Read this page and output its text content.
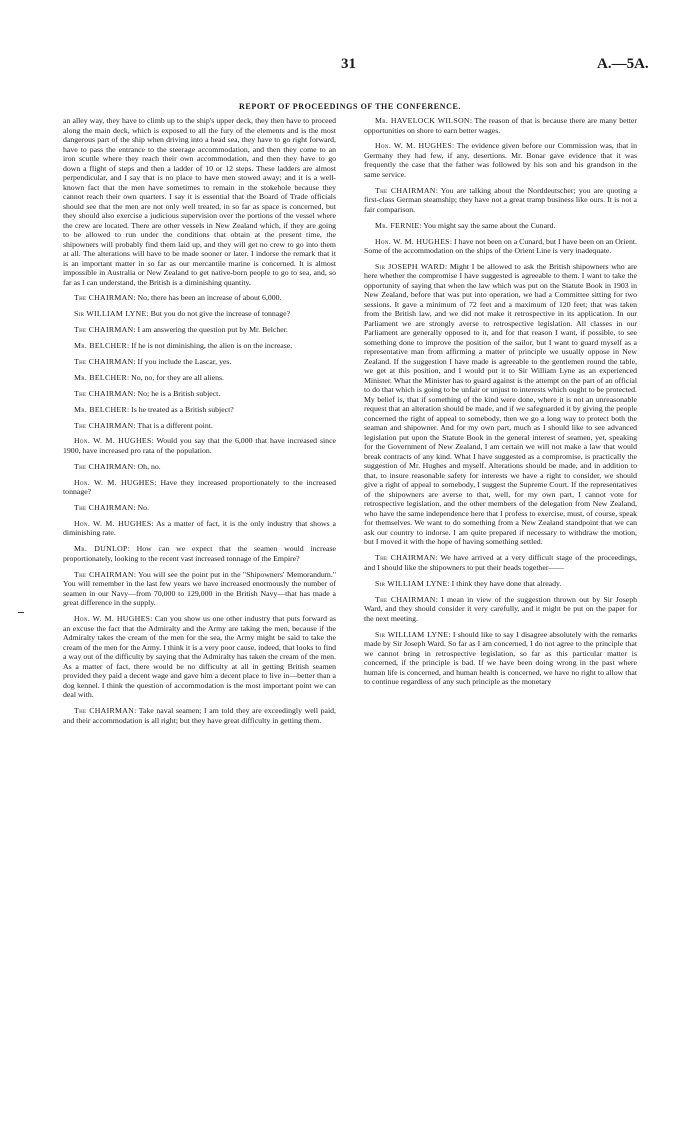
31	A.—5A.
REPORT OF PROCEEDINGS OF THE CONFERENCE.

an alley way, they have to climb up to the ship's upper deck, they then have to proceed along the main deck, which is exposed to all the fury of the elements and is the most dangerous part of the ship when driving into a head sea, they have to go right forward, have to pass the entrance to the steerage accommodation, and then they come to an iron scuttle where they reach their own accommodation, and then they have to go down a flight of steps and then a ladder of 10 or 12 steps. These ladders are almost perpendicular, and I say that is no place to have men stowed away; and it is a well-known fact that the men have sometimes to remain in the stokehole because they cannot reach their own quarters. I say it is essential that the Board of Trade officials should see that the men are not only well treated, in so far as space is concerned, but they should also exercise a judicious supervision over the portions of the vessel where the crew are located. There are other vessels in New Zealand which, if they are going to be allowed to run under the conditions that obtain at the present time, the shipowners will probably find them laid up, and they will get no crew to go into them at all. The alterations will have to be made sooner or later. I indorse the remark that it is an important matter in so far as our mercantile marine is concerned. It is almost impossible in Australia or New Zealand to get native-born people to go to sea, and, so far as I can understand, the British is a diminishing quantity.

The CHAIRMAN: No, there has been an increase of about 6,000.

Sir WILLIAM LYNE: But you do not give the increase of tonnage?

The CHAIRMAN: I am answering the question put by Mr. Belcher.

Mr. BELCHER: If he is not diminishing, the alien is on the increase.

The CHAIRMAN: If you include the Lascar, yes.

Mr. BELCHER: No, no, for they are all aliens.

The CHAIRMAN: No; he is a British subject.

Mr. BELCHER: Is he treated as a British subject?

The CHAIRMAN: That is a different point.

Hon. W. M. HUGHES: Would you say that the 6,000 that have increased since 1900, have increased pro rata of the population.

The CHAIRMAN: Oh, no.

Hon. W. M. HUGHES: Have they increased proportionately to the increased tonnage?

The CHAIRMAN: No.

Hon. W. M. HUGHES: As a matter of fact, it is the only industry that shows a diminishing rate.

Mr. DUNLOP: How can we expect that the seamen would increase proportionately, looking to the recent vast increased tonnage of the Empire?

The CHAIRMAN: You will see the point put in the "Shipowners' Memorandum." You will remember in the last few years we have increased enormously the number of seamen in our Navy—from 70,000 to 129,000 in the British Navy—that has made a great difference in the supply.

Hon. W. M. HUGHES: Can you show us one other industry that puts forward as an excuse the fact that the Admiralty and the Army are taking the men, because if the Admiralty takes the cream of the men for the sea, the Army might be said to take the cream of the men for the Army. I think it is a very poor cause, indeed, that looks to find a way out of the difficulty by saying that the Admiralty has taken the cream of the men. As a matter of fact, there would be no difficulty at all in getting British seamen provided they paid a decent wage and gave him a decent place to live in—better than a dog kennel. I think the question of accommodation is the most important point we can deal with.

The CHAIRMAN: Take naval seamen; I am told they are exceedingly well paid, and their accommodation is all right; but they have great difficulty in getting them.

Mr. HAVELOCK WILSON: The reason of that is because there are many better opportunities on shore to earn better wages.

Hon. W. M. HUGHES: The evidence given before our Commission was, that in Germany they had few, if any, desertions. Mr. Bonar gave evidence that it was frequently the case that the father was followed by his son and his grandson in the same service.

The CHAIRMAN: You are talking about the Norddeutscher; you are quoting a first-class German steamship; they have not a great tramp business like ours. It is not a fair comparison.

Mr. FERNIE: You might say the same about the Cunard.

Hon. W. M. HUGHES: I have not been on a Cunard, but I have been on an Orient. Some of the accommodation on the ships of the Orient Line is very inadequate.

Sir JOSEPH WARD: Might I be allowed to ask the British shipowners who are here whether the compromise I have suggested is agreeable to them. I want to take the opportunity of saying that when the law which was put on the Statute Book in 1903 in New Zealand, before that was put into operation, we had a Committee sitting for two sessions. It gave a minimum of 72 feet and a maximum of 120 feet; that was taken from the British law, and we did not make it retrospective in its application. In our Parliament we are strongly averse to retrospective legislation. All classes in our Parliament are generally opposed to it, and for that reason I want, if possible, to see something done to improve the position of the sailor, but I want to guard myself as a representative man from affirming a matter of principle we usually oppose in New Zealand. If the suggestion I have made is agreeable to the gentlemen round the table, we get at this position, and I would put it to Sir William Lyne as an experienced Minister. What the Minister has to guard against is the attempt on the part of an official to do that which is going to be unfair or unjust to interests which ought to be protected. My belief is, that if something of the kind were done, where it is not an unreasonable request that an alteration should be made, and if we safeguarded it by giving the people concerned the right of appeal to somebody, then we go a long way to protect both the seaman and shipowner. And for my own part, much as I should like to see advanced legislation put upon the Statute Book in the general interest of seamen, yet, speaking for the Government of New Zealand, I am certain we will not make a law that would break contracts of any kind. What I have suggested as a compromise, is practically the suggestion of Mr. Hughes and myself. Alterations should be made, and in addition to that, to insure reasonable safety for interests we have a right to consider, we should give a right of appeal to somebody, I suggest the Supreme Court. If the representatives of the shipowners are averse to that, well, for my own part, I cannot vote for retrospective legislation, and the other members of the delegation from New Zealand, who have the same independence here that I profess to exercise, must, of course, speak for themselves. We want to do something from a New Zealand standpoint that we can ask our country to indorse. I am quite prepared if necessary to withdraw the motion, but I moved it with the hope of having something settled.

The CHAIRMAN: We have arrived at a very difficult stage of the proceedings, and I should like the shipowners to put their heads together——

Sir WILLIAM LYNE: I think they have done that already.

The CHAIRMAN: I mean in view of the suggestion thrown out by Sir Joseph Ward, and they should consider it very carefully, and it might be put on the paper for the next meeting.

Sir WILLIAM LYNE: I should like to say I disagree absolutely with the remarks made by Sir Joseph Ward. So far as I am concerned, I do not agree to the principle that we cannot bring in retrospective legislation, so far as this particular matter is concerned, if the principle is bad. If we have been doing wrong in the past where human life is concerned, and human health is concerned, we have no right to allow that to continue regardless of any such principle as the monetary
